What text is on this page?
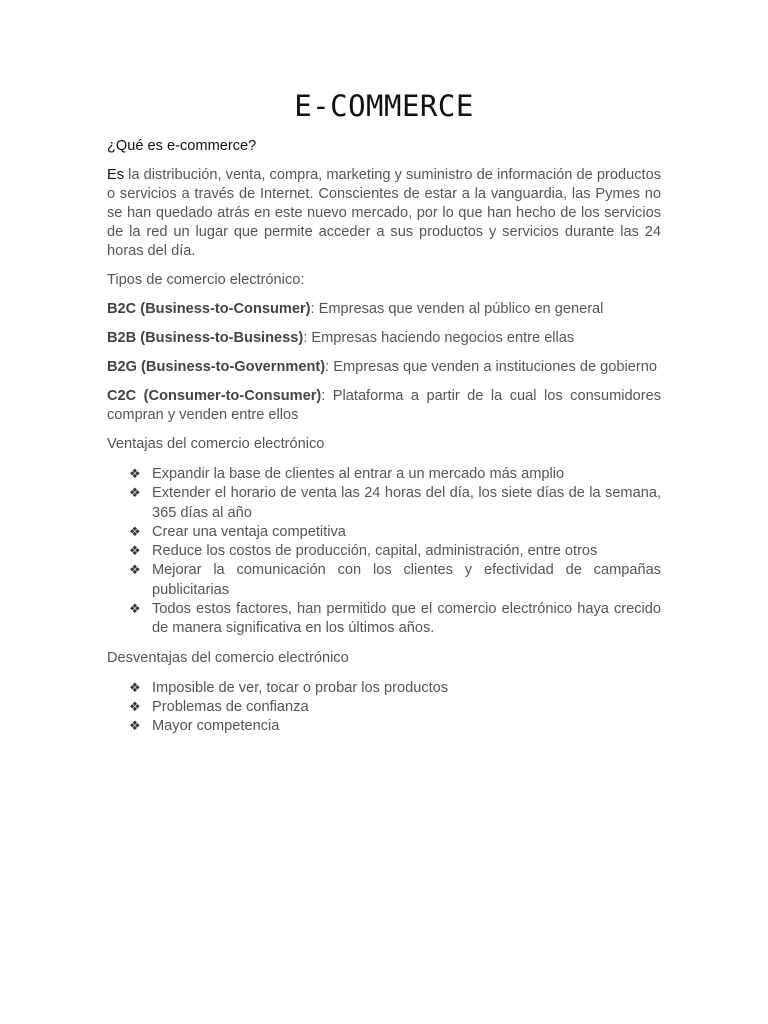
E-COMMERCE

¿Qué es e-commerce?

Es la distribución, venta, compra, marketing y suministro de información de productos o servicios a través de Internet. Conscientes de estar a la vanguardia, las Pymes no se han quedado atrás en este nuevo mercado, por lo que han hecho de los servicios de la red un lugar que permite acceder a sus productos y servicios durante las 24 horas del día.

Tipos de comercio electrónico:

B2C (Business-to-Consumer): Empresas que venden al público en general

B2B (Business-to-Business): Empresas haciendo negocios entre ellas

B2G (Business-to-Government): Empresas que venden a instituciones de gobierno

C2C (Consumer-to-Consumer): Plataforma a partir de la cual los consumidores compran y venden entre ellos

Ventajas del comercio electrónico

❖ Expandir la base de clientes al entrar a un mercado más amplio
❖ Extender el horario de venta las 24 horas del día, los siete días de la semana, 365 días al año
❖ Crear una ventaja competitiva
❖ Reduce los costos de producción, capital, administración, entre otros
❖ Mejorar la comunicación con los clientes y efectividad de campañas publicitarias
❖ Todos estos factores, han permitido que el comercio electrónico haya crecido de manera significativa en los últimos años.

Desventajas del comercio electrónico

❖ Imposible de ver, tocar o probar los productos
❖ Problemas de confianza
❖ Mayor competencia
